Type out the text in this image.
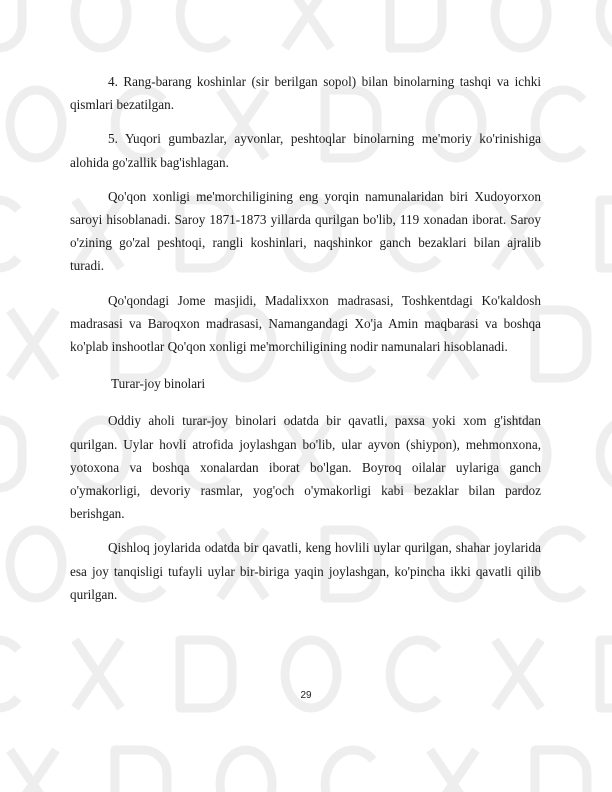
4. Rang-barang koshinlar (sir berilgan sopol) bilan binolarning tashqi va ichki qismlari bezatilgan.

5. Yuqori gumbazlar, ayvonlar, peshtoqlar binolarning me'moriy ko'rinishiga alohida go'zallik bag'ishlagan.

Qo'qon xonligi me'morchiligining eng yorqin namunalaridan biri Xudoyorxon saroyi hisoblanadi. Saroy 1871-1873 yillarda qurilgan bo'lib, 119 xonadan iborat. Saroy o'zining go'zal peshtoqi, rangli koshinlari, naqshinkor ganch bezaklari bilan ajralib turadi.

Qo'qondagi Jome masjidi, Madalixxon madrasasi, Toshkentdagi Ko'kaldosh madrasasi va Baroqxon madrasasi, Namangandagi Xo'ja Amin maqbarasi va boshqa ko'plab inshootlar Qo'qon xonligi me'morchiligining nodir namunalari hisoblanadi.

Turar-joy binolari

Oddiy aholi turar-joy binolari odatda bir qavatli, paxsa yoki xom g'ishtdan qurilgan. Uylar hovli atrofida joylashgan bo'lib, ular ayvon (shiypon), mehmonxona, yotoxona va boshqa xonalardan iborat bo'lgan. Boyroq oilalar uylariga ganch o'ymakorligi, devoriy rasmlar, yog'och o'ymakorligi kabi bezaklar bilan pardoz berishgan.

Qishloq joylarida odatda bir qavatli, keng hovlili uylar qurilgan, shahar joylarida esa joy tanqisligi tufayli uylar bir-biriga yaqin joylashgan, ko'pincha ikki qavatli qilib qurilgan.

29
